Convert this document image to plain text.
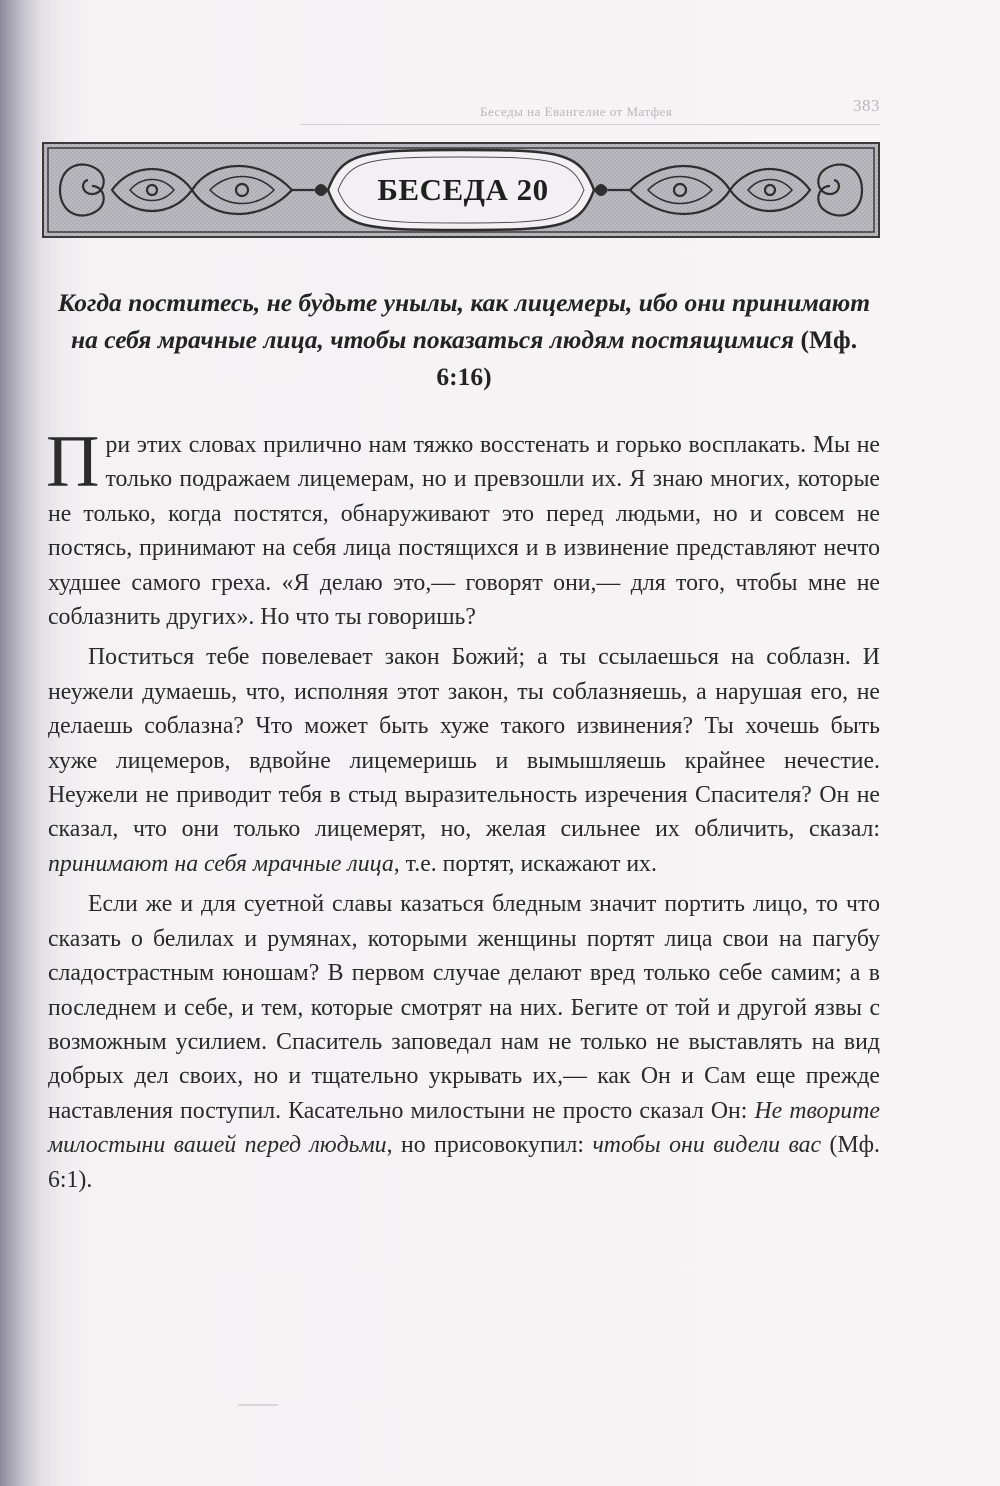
Беседы на Евангелие от Матфея	383
БЕСЕДА 20
Когда поститесь, не будьте унылы, как лицемеры, ибо они принимают на себя мрачные лица, чтобы показаться людям постящимися (Мф. 6:16)

При этих словах прилично нам тяжко восстенать и горько восплакать. Мы не только подражаем лицемерам, но и превзошли их. Я знаю многих, которые не только, когда постятся, обнаруживают это перед людьми, но и совсем не постясь, принимают на себя лица постящихся и в извинение представляют нечто худшее самого греха. «Я делаю это,— говорят они,— для того, чтобы мне не соблазнить других». Но что ты говоришь?

Поститься тебе повелевает закон Божий; а ты ссылаешься на соблазн. И неужели думаешь, что, исполняя этот закон, ты соблазняешь, а нарушая его, не делаешь соблазна? Что может быть хуже такого извинения? Ты хочешь быть хуже лицемеров, вдвойне лицемеришь и вымышляешь крайнее нечестие. Неужели не приводит тебя в стыд выразительность изречения Спасителя? Он не сказал, что они только лицемерят, но, желая сильнее их обличить, сказал: принимают на себя мрачные лица, т.е. портят, искажают их.

Если же и для суетной славы казаться бледным значит портить лицо, то что сказать о белилах и румянах, которыми женщины портят лица свои на пагубу сладострастным юношам? В первом случае делают вред только себе самим; а в последнем и себе, и тем, которые смотрят на них. Бегите от той и другой язвы с возможным усилием. Спаситель заповедал нам не только не выставлять на вид добрых дел своих, но и тщательно укрывать их,— как Он и Сам еще прежде наставления поступил. Касательно милостыни не просто сказал Он: Не творите милостыни вашей перед людьми, но присовокупил: чтобы они видели вас (Мф. 6:1).
